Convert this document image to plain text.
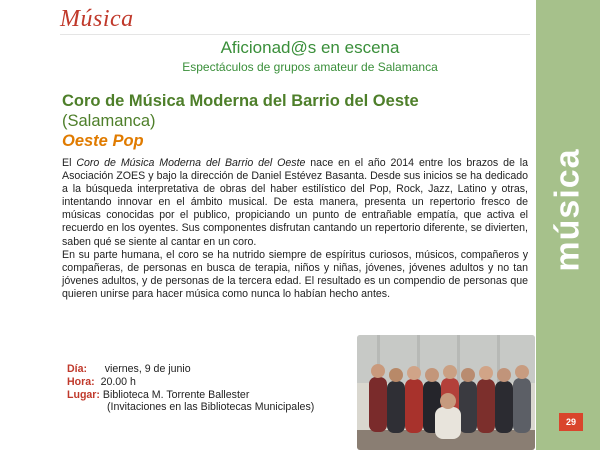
Música
Aficionad@s en escena
Espectáculos de grupos amateur de Salamanca
Coro de Música Moderna del Barrio del Oeste
(Salamanca)
Oeste Pop

El Coro de Música Moderna del Barrio del Oeste nace en el año 2014 entre los brazos de la Asociación ZOES y bajo la dirección de Daniel Estévez Basanta. Desde sus inicios se ha dedicado a la búsqueda interpretativa de obras del haber estilístico del Pop, Rock, Jazz, Latino y otras, intentando innovar en el ámbito musical. De esta manera, presenta un repertorio fresco de músicas conocidas por el publico, propiciando un punto de entrañable empatía, que activa el recuerdo en los oyentes. Sus componentes disfrutan cantando un repertorio diferente, se divierten, saben qué se siente al cantar en un coro.

En su parte humana, el coro se ha nutrido siempre de espíritus curiosos, músicos, compañeros y compañeras, de personas en busca de terapia, niños y niñas, jóvenes, jóvenes adultos y no tan jóvenes adultos, y de personas de la tercera edad. El resultado es un compendio de personas que quieren unirse para hacer música como nunca lo habían hecho antes.

Día: viernes, 9 de junio
Hora: 20.00 h
Lugar: Biblioteca M. Torrente Ballester
(Invitaciones en las Bibliotecas Municipales)
música
29
